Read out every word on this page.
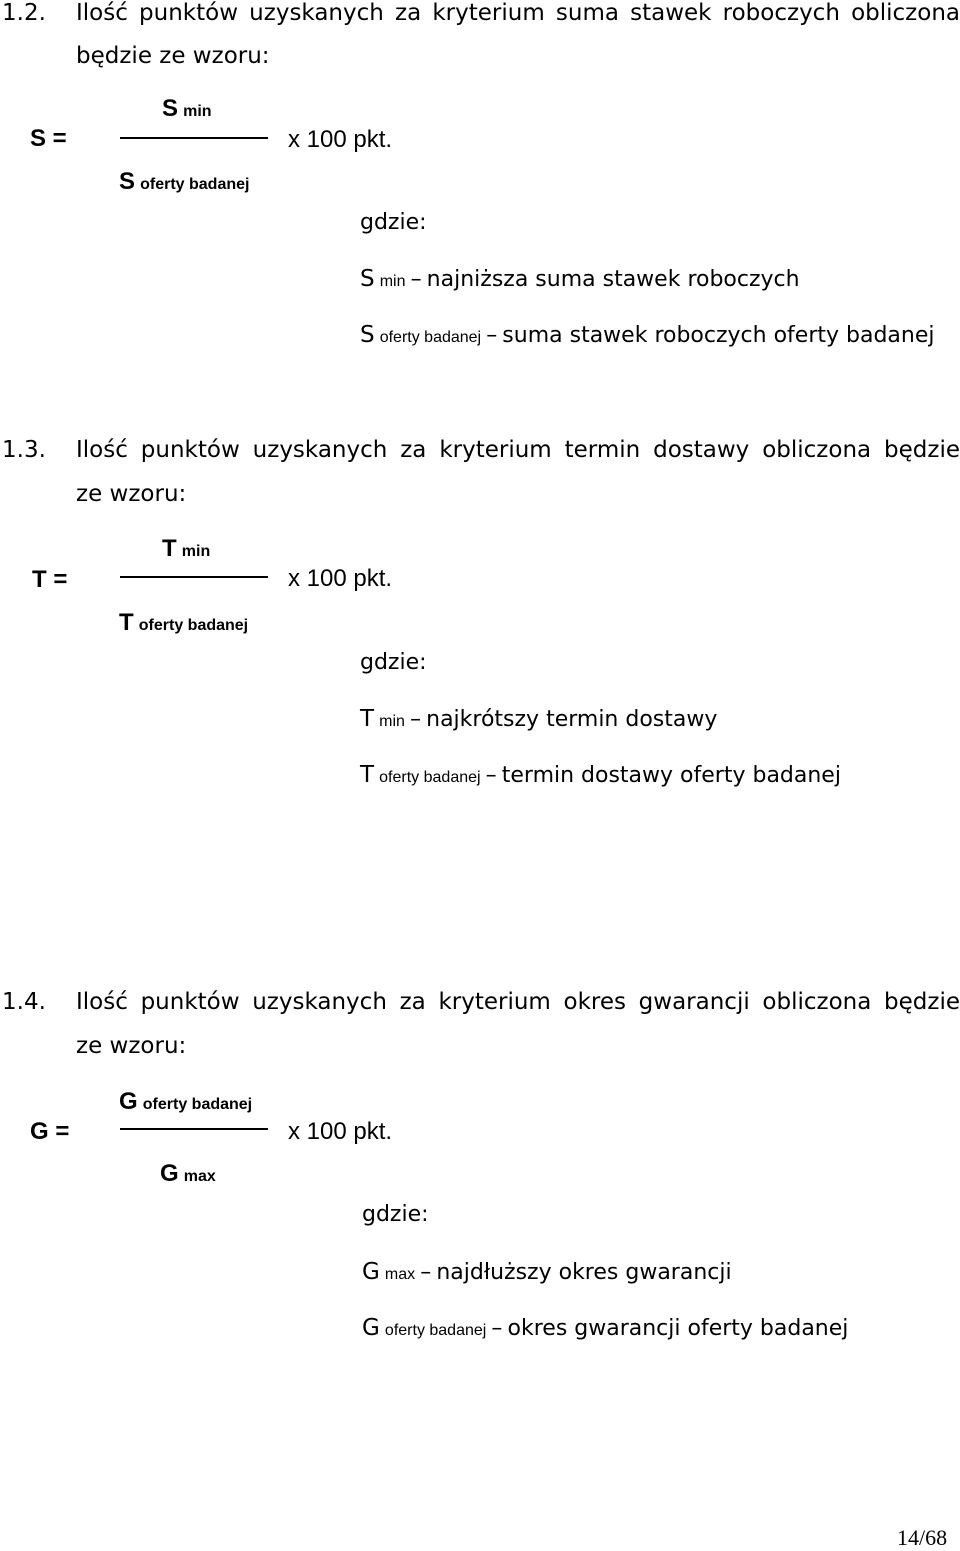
1.2. Ilość punktów uzyskanych za kryterium suma stawek roboczych obliczona
będzie ze wzoru:
S =
S min
S oferty badanej
x 100 pkt.
gdzie:
S min – najniższa suma stawek roboczych
S oferty badanej – suma stawek roboczych oferty badanej
1.3. Ilość punktów uzyskanych za kryterium termin dostawy obliczona będzie
ze wzoru:
T =
T min
T oferty badanej
x 100 pkt.
gdzie:
T min – najkrótszy termin dostawy
T oferty badanej – termin dostawy oferty badanej
1.4. Ilość punktów uzyskanych za kryterium okres gwarancji obliczona będzie
ze wzoru:
G =
G oferty badanej
G max
x 100 pkt.
gdzie:
G max – najdłuższy okres gwarancji
G oferty badanej – okres gwarancji oferty badanej
14/68
